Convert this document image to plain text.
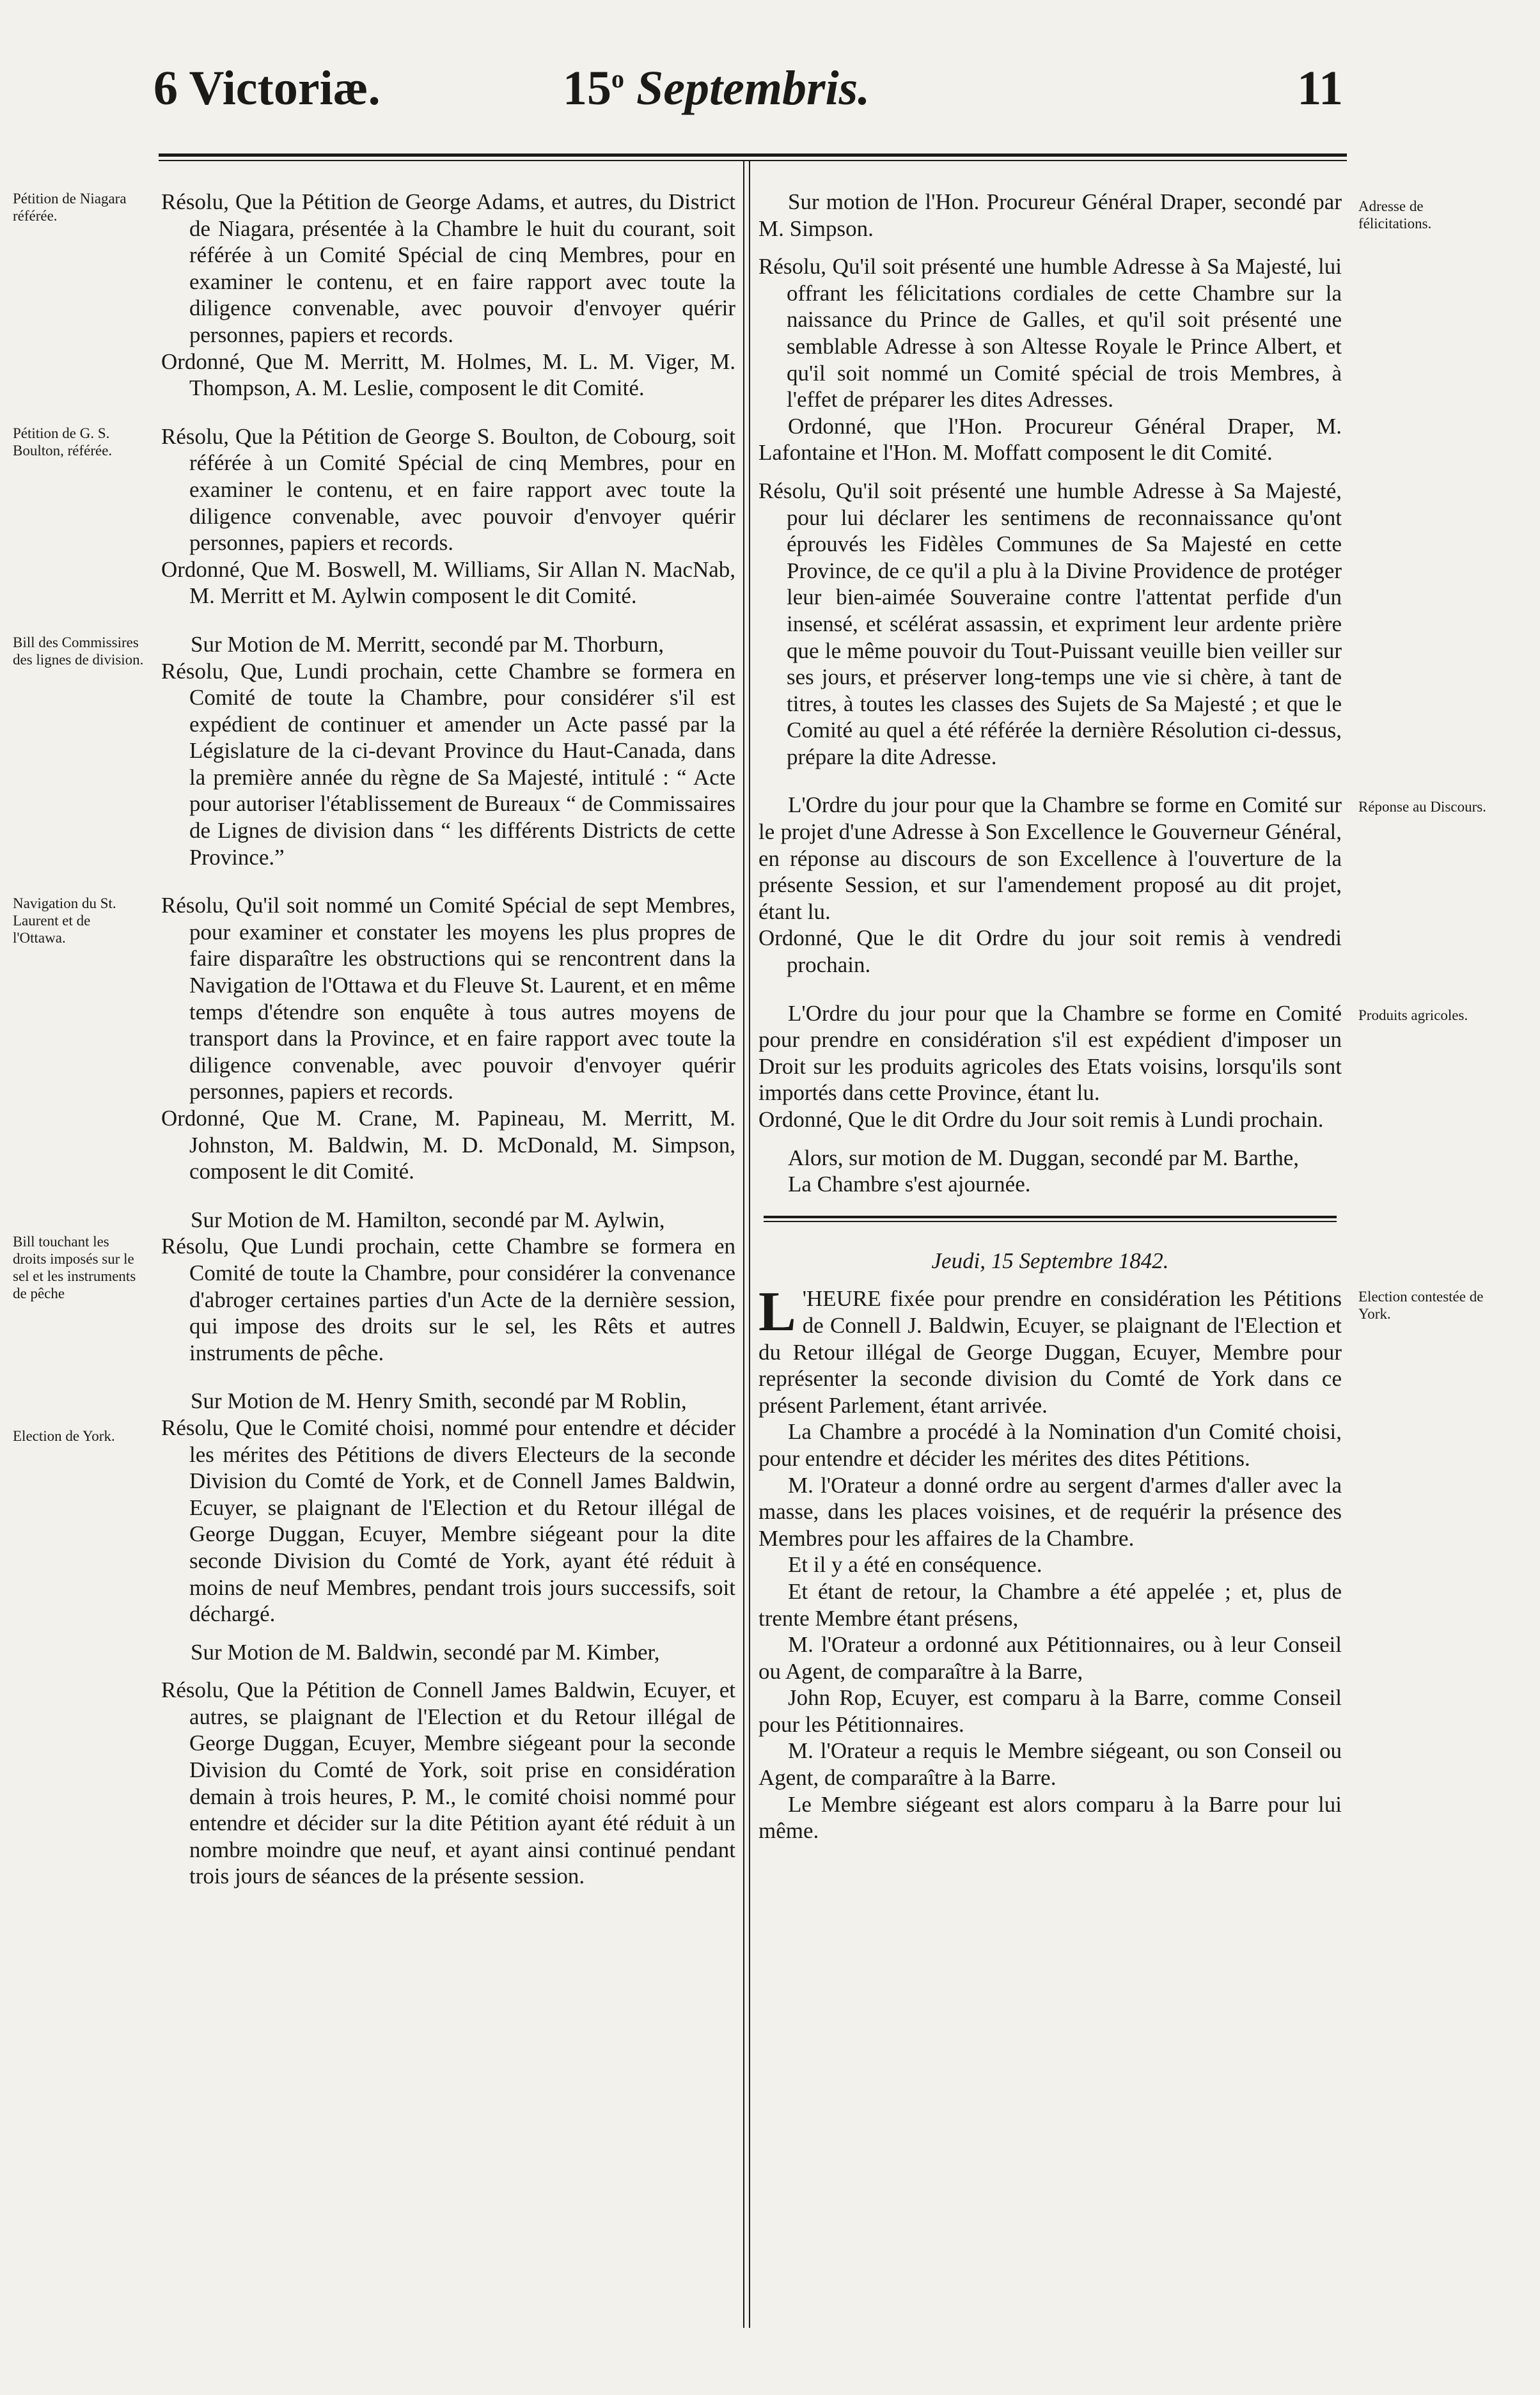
6 Victoriæ.	15$^o$ Septembris.	11
Pétition de Niagara référée.

Résolu, Que la Pétition de George Adams, et autres, du District de Niagara, présentée à la Chambre le huit du courant, soit référée à un Comité Spécial de cinq Membres, pour en examiner le contenu, et en faire rapport avec toute la diligence convenable, avec pouvoir d'envoyer quérir personnes, papiers et records.

Ordonné, Que M. Merritt, M. Holmes, M. L. M. Viger, M. Thompson, A. M. Leslie, composent le dit Comité.

Pétition de G. S. Boulton, référée.

Résolu, Que la Pétition de George S. Boulton, de Cobourg, soit référée à un Comité Spécial de cinq Membres, pour en examiner le contenu, et en faire rapport avec toute la diligence convenable, avec pouvoir d'envoyer quérir personnes, papiers et records.

Ordonné, Que M. Boswell, M. Williams, Sir Allan N. MacNab, M. Merritt et M. Aylwin composent le dit Comité.

Bill des Commissires des lignes de division.

Sur Motion de M. Merritt, secondé par M. Thorburn,

Résolu, Que, Lundi prochain, cette Chambre se formera en Comité de toute la Chambre, pour considérer s'il est expédient de continuer et amender un Acte passé par la Législature de la ci-devant Province du Haut-Canada, dans la première année du règne de Sa Majesté, intitulé : “ Acte pour autoriser l'établissement de Bureaux “ de Commissaires de Lignes de division dans “ les différents Districts de cette Province.”

Navigation du St. Laurent et de l'Ottawa.

Résolu, Qu'il soit nommé un Comité Spécial de sept Membres, pour examiner et constater les moyens les plus propres de faire disparaître les obstructions qui se rencontrent dans la Navigation de l'Ottawa et du Fleuve St. Laurent, et en même temps d'étendre son enquête à tous autres moyens de transport dans la Province, et en faire rapport avec toute la diligence convenable, avec pouvoir d'envoyer quérir personnes, papiers et records.

Ordonné, Que M. Crane, M. Papineau, M. Merritt, M. Johnston, M. Baldwin, M. D. McDonald, M. Simpson, composent le dit Comité.

Sur Motion de M. Hamilton, secondé par M. Aylwin,

Bill touchant les droits imposés sur le sel et les instruments de pêche

Résolu, Que Lundi prochain, cette Chambre se formera en Comité de toute la Chambre, pour considérer la convenance d'abroger certaines parties d'un Acte de la dernière session, qui impose des droits sur le sel, les Rêts et autres instruments de pêche.

Sur Motion de M. Henry Smith, secondé par M Roblin,

Election de York.	Résolu, Que le Comité choisi, nommé pour entendre et décider les mérites des Pétitions de divers Electeurs de la seconde Division du Comté de York, et de Connell James Baldwin, Ecuyer, se plaignant de l'Election et du Retour illégal de George Duggan, Ecuyer, Membre siégeant pour la dite seconde Division du Comté de York, ayant été réduit à moins de neuf Membres, pendant trois jours successifs, soit déchargé.

Sur Motion de M. Baldwin, secondé par M. Kimber,

Résolu, Que la Pétition de Connell James Baldwin, Ecuyer, et autres, se plaignant de l'Election et du Retour illégal de George Duggan, Ecuyer, Membre siégeant pour la seconde Division du Comté de York, soit prise en considération demain à trois heures, P. M., le comité choisi nommé pour entendre et décider sur la dite Pétition ayant été réduit à un nombre moindre que neuf, et ayant ainsi continué pendant trois jours de séances de la présente session.

Adresse de félicitations.

Sur motion de l'Hon. Procureur Général Draper, secondé par M. Simpson.

Résolu, Qu'il soit présenté une humble Adresse à Sa Majesté, lui offrant les félicitations cordiales de cette Chambre sur la naissance du Prince de Galles, et qu'il soit présenté une semblable Adresse à son Altesse Royale le Prince Albert, et qu'il soit nommé un Comité spécial de trois Membres, à l'effet de préparer les dites Adresses.

Ordonné, que l'Hon. Procureur Général Draper, M. Lafontaine et l'Hon. M. Moffatt composent le dit Comité.

Résolu, Qu'il soit présenté une humble Adresse à Sa Majesté, pour lui déclarer les sentimens de reconnaissance qu'ont éprouvés les Fidèles Communes de Sa Majesté en cette Province, de ce qu'il a plu à la Divine Providence de protéger leur bien-aimée Souveraine contre l'attentat perfide d'un insensé, et scélérat assassin, et expriment leur ardente prière que le même pouvoir du Tout-Puissant veuille bien veiller sur ses jours, et préserver long-temps une vie si chère, à tant de titres, à toutes les classes des Sujets de Sa Majesté ; et que le Comité au quel a été référée la dernière Résolution ci-dessus, prépare la dite Adresse.

Réponse au Discours.

L'Ordre du jour pour que la Chambre se forme en Comité sur le projet d'une Adresse à Son Excellence le Gouverneur Général, en réponse au discours de son Excellence à l'ouverture de la présente Session, et sur l'amendement proposé au dit projet, étant lu.

Ordonné, Que le dit Ordre du jour soit remis à vendredi prochain.

Produits agricoles.

L'Ordre du jour pour que la Chambre se forme en Comité pour prendre en considération s'il est expédient d'imposer un Droit sur les produits agricoles des Etats voisins, lorsqu'ils sont importés dans cette Province, étant lu.

Ordonné, Que le dit Ordre du Jour soit remis à Lundi prochain.

Alors, sur motion de M. Duggan, secondé par M. Barthe,

La Chambre s'est ajournée.

Jeudi, 15 Septembre 1842.

Election contestée de York.

L 'HEURE fixée pour prendre en considération les Pétitions de Connell J. Baldwin, Ecuyer, se plaignant de l'Election et du Retour illégal de George Duggan, Ecuyer, Membre pour représenter la seconde division du Comté de York dans ce présent Parlement, étant arrivée.

La Chambre a procédé à la Nomination d'un Comité choisi, pour entendre et décider les mérites des dites Pétitions.

M. l'Orateur a donné ordre au sergent d'armes d'aller avec la masse, dans les places voisines, et de requérir la présence des Membres pour les affaires de la Chambre.

Et il y a été en conséquence.

Et étant de retour, la Chambre a été appelée ; et, plus de trente Membre étant présens,

M. l'Orateur a ordonné aux Pétitionnaires, ou à leur Conseil ou Agent, de comparaître à la Barre,

John Rop, Ecuyer, est comparu à la Barre, comme Conseil pour les Pétitionnaires.

M. l'Orateur a requis le Membre siégeant, ou son Conseil ou Agent, de comparaître à la Barre.

Le Membre siégeant est alors comparu à la Barre pour lui même.
